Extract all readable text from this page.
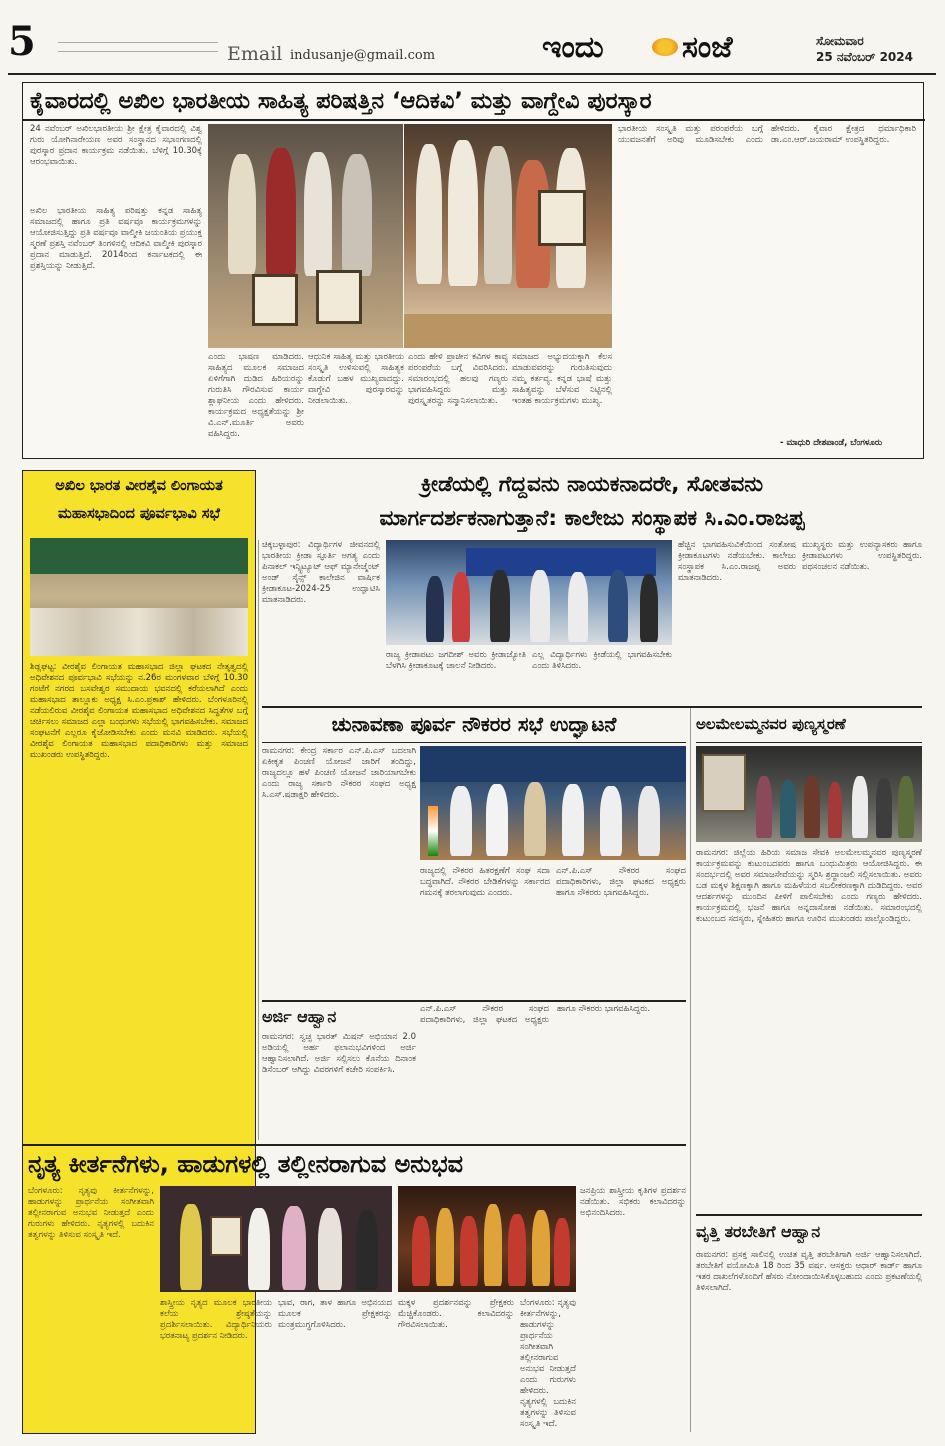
5	Email indusanje@gmail.com	ಇಂದು	ಸಂಜೆ	ಸೋಮವಾರ
25 ನವೆಂಬರ್ 2024
ಕೈವಾರದಲ್ಲಿ ಅಖಿಲ ಭಾರತೀಯ ಸಾಹಿತ್ಯ ಪರಿಷತ್ತಿನ ‘ಆದಿಕವಿ’ ಮತ್ತು ವಾಗ್ದೇವಿ ಪುರಸ್ಕಾರ
24 ನವೆಂಬರ್ ಅಖಿಲಭಾರತೀಯ ಶ್ರೀ ಕ್ಷೇತ್ರ ಕೈವಾರದಲ್ಲಿ ವಿಶ್ವ ಗುರು ಯೋಗಿನಾರೇಯಣ ಅವರ ಸಂಸ್ಥಾನದ ಸಭಾಂಗಣದಲ್ಲಿ ಪುರಸ್ಕಾರ ಪ್ರದಾನ ಕಾರ್ಯಕ್ರಮ ನಡೆಯಿತು. ಬೆಳಿಗ್ಗೆ 10.30ಕ್ಕೆ ಆರಂಭವಾಯಿತು.
ಅಖಿಲ ಭಾರತೀಯ ಸಾಹಿತ್ಯ ಪರಿಷತ್ತು ಕನ್ನಡ ಸಾಹಿತ್ಯ ಸಮಾಜದಲ್ಲಿ ಹಾಗೂ ಪ್ರತಿ ವರ್ಷವೂ ಕಾರ್ಯಕ್ರಮಗಳನ್ನು ಆಯೋಜಿಸುತ್ತಿದ್ದು ಪ್ರತಿ ವರ್ಷವೂ ವಾಲ್ಮೀಕಿ ಜಯಂತಿಯ ಪ್ರಯುಕ್ತ ಸ್ಮರಣೆ ಪ್ರಶಸ್ತಿ ನವೆಂಬರ್ ತಿಂಗಳಿನಲ್ಲಿ ಆದಿಕವಿ ವಾಲ್ಮೀಕಿ ಪುರಸ್ಕಾರ ಪ್ರದಾನ ಮಾಡುತ್ತಿದೆ. 2014ರಿಂದ ಕರ್ನಾಟಕದಲ್ಲಿ ಈ ಪ್ರಶಸ್ತಿಯನ್ನು ನೀಡುತ್ತಿದೆ.
ಎಂದು ಭಾಷಣ ಮಾಡಿದರು. ಸಾಹಿತ್ಯದ ಮೂಲಕ ಸಮಾಜದ ಏಳಿಗೆಗಾಗಿ ದುಡಿದ ಹಿರಿಯರನ್ನು ಗುರುತಿಸಿ ಗೌರವಿಸುವ ಕಾರ್ಯ ಶ್ಲಾಘನೀಯ ಎಂದು ಹೇಳಿದರು. ಕಾರ್ಯಕ್ರಮದ ಅಧ್ಯಕ್ಷತೆಯನ್ನು ಶ್ರೀ ವಿ.ಎನ್.ಮೂರ್ತಿ ಅವರು ವಹಿಸಿದ್ದರು.
ಆಧುನಿಕ ಸಾಹಿತ್ಯ ಮತ್ತು ಭಾರತೀಯ ಸಂಸ್ಕೃತಿ ಉಳಿಸುವಲ್ಲಿ ಸಾಹಿತ್ಯಕ ಕೊಡುಗೆ ಬಹಳ ಮುಖ್ಯವಾದದ್ದು. ವಾಗ್ದೇವಿ ಪುರಸ್ಕಾರವನ್ನು ನೀಡಲಾಯಿತು.
ಎಂದು ಹೇಳಿ ಪ್ರಾಚೀನ ಕವಿಗಳ ಕಾವ್ಯ ಪರಂಪರೆಯ ಬಗ್ಗೆ ವಿವರಿಸಿದರು. ಸಮಾರಂಭದಲ್ಲಿ ಹಲವು ಗಣ್ಯರು ಭಾಗವಹಿಸಿದ್ದರು ಮತ್ತು ಪುರಸ್ಕೃತರನ್ನು ಸನ್ಮಾನಿಸಲಾಯಿತು.
ಸಮಾಜದ ಅಭ್ಯುದಯಕ್ಕಾಗಿ ಕೆಲಸ ಮಾಡುವವರನ್ನು ಗುರುತಿಸುವುದು ನಮ್ಮ ಕರ್ತವ್ಯ. ಕನ್ನಡ ಭಾಷೆ ಮತ್ತು ಸಾಹಿತ್ಯವನ್ನು ಬೆಳೆಸುವ ನಿಟ್ಟಿನಲ್ಲಿ ಇಂತಹ ಕಾರ್ಯಕ್ರಮಗಳು ಮುಖ್ಯ.
ಭಾರತೀಯ ಸಂಸ್ಕೃತಿ ಮತ್ತು ಪರಂಪರೆಯ ಬಗ್ಗೆ ಯುವಜನತೆಗೆ ಅರಿವು ಮೂಡಿಸಬೇಕು ಎಂದು ಹೇಳಿದರು. ಕೈವಾರ ಕ್ಷೇತ್ರದ ಧರ್ಮಾಧಿಕಾರಿ ಡಾ.ಎಂ.ಆರ್.ಜಯರಾಮ್ ಉಪಸ್ಥಿತರಿದ್ದರು.
- ಮಾಧುರಿ ದೇಶಪಾಂಡೆ, ಬೆಂಗಳೂರು
ಅಖಿಲ ಭಾರತ ವೀರಶೈವ ಲಿಂಗಾಯತ
ಮಹಾಸಭಾದಿಂದ ಪೂರ್ವಭಾವಿ ಸಭೆ
ಶಿಡ್ಲಘಟ್ಟ: ವೀರಶೈವ ಲಿಂಗಾಯತ ಮಹಾಸಭಾದ ಜಿಲ್ಲಾ ಘಟಕದ ನೇತೃತ್ವದಲ್ಲಿ ಅಧಿವೇಶನದ ಪೂರ್ವಭಾವಿ ಸಭೆಯನ್ನು ನ.26ರ ಮಂಗಳವಾರ ಬೆಳಿಗ್ಗೆ 10.30 ಗಂಟೆಗೆ ನಗರದ ಬಸವೇಶ್ವರ ಸಮುದಾಯ ಭವನದಲ್ಲಿ ಕರೆಯಲಾಗಿದೆ ಎಂದು ಮಹಾಸಭಾದ ತಾಲ್ಲೂಕು ಅಧ್ಯಕ್ಷ ಸಿ.ಎಂ.ಪ್ರಕಾಶ್ ಹೇಳಿದರು. ಬೆಂಗಳೂರಿನಲ್ಲಿ ನಡೆಯಲಿರುವ ವೀರಶೈವ ಲಿಂಗಾಯತ ಮಹಾಸಭಾದ ಅಧಿವೇಶನದ ಸಿದ್ಧತೆಗಳ ಬಗ್ಗೆ ಚರ್ಚಿಸಲು ಸಮಾಜದ ಎಲ್ಲಾ ಬಂಧುಗಳು ಸಭೆಯಲ್ಲಿ ಭಾಗವಹಿಸಬೇಕು. ಸಮಾಜದ ಸಂಘಟನೆಗೆ ಎಲ್ಲರೂ ಕೈಜೋಡಿಸಬೇಕು ಎಂದು ಮನವಿ ಮಾಡಿದರು. ಸಭೆಯಲ್ಲಿ ವೀರಶೈವ ಲಿಂಗಾಯತ ಮಹಾಸಭಾದ ಪದಾಧಿಕಾರಿಗಳು ಮತ್ತು ಸಮಾಜದ ಮುಖಂಡರು ಉಪಸ್ಥಿತರಿದ್ದರು.
ಕ್ರೀಡೆಯಲ್ಲಿ ಗೆದ್ದವನು ನಾಯಕನಾದರೇ, ಸೋತವನು
ಮಾರ್ಗದರ್ಶಕನಾಗುತ್ತಾನೆ: ಕಾಲೇಜು ಸಂಸ್ಥಾಪಕ ಸಿ.ಎಂ.ರಾಜಪ್ಪ
ಚಿಕ್ಕಬಳ್ಳಾಪುರ: ವಿದ್ಯಾರ್ಥಿಗಳ ಜೀವನದಲ್ಲಿ ಭಾರತೀಯ ಕ್ರೀಡಾ ಸ್ಫೂರ್ತಿ ಅಗತ್ಯ ಎಂದು ಪಿನಾಕಲ್ ಇನ್ಸ್ಟಿಟ್ಯೂಟ್ ಆಫ್ ಮ್ಯಾನೇಜ್ಮೆಂಟ್ ಅಂಡ್ ಸೈನ್ಸ್ ಕಾಲೇಜಿನ ವಾರ್ಷಿಕ ಕ್ರೀಡಾಕೂಟ-2024-25 ಉದ್ಘಾಟಿಸಿ ಮಾತನಾಡಿದರು.
ರಾಜ್ಯ ಕ್ರೀಡಾಪಟು ಜಗದೀಶ್ ಅವರು ಕ್ರೀಡಾಜ್ಯೋತಿ ಬೆಳಗಿಸಿ ಕ್ರೀಡಾಕೂಟಕ್ಕೆ ಚಾಲನೆ ನೀಡಿದರು.
ಎಲ್ಲ ವಿದ್ಯಾರ್ಥಿಗಳು ಕ್ರೀಡೆಯಲ್ಲಿ ಭಾಗವಹಿಸಬೇಕು ಎಂದು ತಿಳಿಸಿದರು.
ಹೆಚ್ಚಿನ ಭಾಗವಹಿಸುವಿಕೆಯಿಂದ ಸಂತೋಷ ಕ್ರೀಡಾಕೂಟಗಳು ನಡೆಯಬೇಕು. ಕಾಲೇಜು ಸಂಸ್ಥಾಪಕ ಸಿ.ಎಂ.ರಾಜಪ್ಪ ಅವರು ಮಾತನಾಡಿದರು.
ಮುಖ್ಯಸ್ಥರು ಮತ್ತು ಉಪನ್ಯಾಸಕರು ಹಾಗೂ ಕ್ರೀಡಾಪಟುಗಳು ಉಪಸ್ಥಿತರಿದ್ದರು. ಪಥಸಂಚಲನ ನಡೆಯಿತು.
ಚುನಾವಣಾ ಪೂರ್ವ ನೌಕರರ ಸಭೆ ಉದ್ಘಾಟನೆ
ರಾಮನಗರ: ಕೇಂದ್ರ ಸರ್ಕಾರ ಎನ್.ಪಿ.ಎಸ್ ಬದಲಾಗಿ ಏಕೀಕೃತ ಪಿಂಚಣಿ ಯೋಜನೆ ಜಾರಿಗೆ ತಂದಿದ್ದು, ರಾಜ್ಯದಲ್ಲೂ ಹಳೆ ಪಿಂಚಣಿ ಯೋಜನೆ ಜಾರಿಯಾಗಬೇಕು ಎಂದು ರಾಜ್ಯ ಸರ್ಕಾರಿ ನೌಕರರ ಸಂಘದ ಅಧ್ಯಕ್ಷ ಸಿ.ಎಸ್.ಷಡಾಕ್ಷರಿ ಹೇಳಿದರು.
ರಾಜ್ಯದಲ್ಲಿ ನೌಕರರ ಹಿತರಕ್ಷಣೆಗೆ ಸಂಘ ಸದಾ ಬದ್ಧವಾಗಿದೆ. ನೌಕರರ ಬೇಡಿಕೆಗಳನ್ನು ಸರ್ಕಾರದ ಗಮನಕ್ಕೆ ತರಲಾಗುವುದು ಎಂದರು.
ಎನ್.ಪಿ.ಎಸ್ ನೌಕರರ ಸಂಘದ ಪದಾಧಿಕಾರಿಗಳು, ಜಿಲ್ಲಾ ಘಟಕದ ಅಧ್ಯಕ್ಷರು ಹಾಗೂ ನೌಕರರು ಭಾಗವಹಿಸಿದ್ದರು.
ಅರ್ಜಿ ಆಹ್ವಾನ
ರಾಮನಗರ: ಸ್ವಚ್ಛ ಭಾರತ್ ಮಿಷನ್ ಅಭಿಯಾನ 2.0 ಅಡಿಯಲ್ಲಿ ಅರ್ಹ ಫಲಾನುಭವಿಗಳಿಂದ ಅರ್ಜಿ ಆಹ್ವಾನಿಸಲಾಗಿದೆ. ಅರ್ಜಿ ಸಲ್ಲಿಸಲು ಕೊನೆಯ ದಿನಾಂಕ ಡಿಸೆಂಬರ್ ಆಗಿದ್ದು ವಿವರಗಳಿಗೆ ಕಚೇರಿ ಸಂಪರ್ಕಿಸಿ.
ಎನ್.ಪಿ.ಎಸ್ ನೌಕರರ ಸಂಘದ ಪದಾಧಿಕಾರಿಗಳು, ಜಿಲ್ಲಾ ಘಟಕದ ಅಧ್ಯಕ್ಷರು ಹಾಗೂ ನೌಕರರು ಭಾಗವಹಿಸಿದ್ದರು.
ಅಲಮೇಲಮ್ಮನವರ ಪುಣ್ಯಸ್ಮರಣೆ
ರಾಮನಗರ: ಜಿಲ್ಲೆಯ ಹಿರಿಯ ಸಮಾಜ ಸೇವಕಿ ಅಲಮೇಲಮ್ಮನವರ ಪುಣ್ಯಸ್ಮರಣೆ ಕಾರ್ಯಕ್ರಮವನ್ನು ಕುಟುಂಬದವರು ಹಾಗೂ ಬಂಧುಮಿತ್ರರು ಆಯೋಜಿಸಿದ್ದರು. ಈ ಸಂದರ್ಭದಲ್ಲಿ ಅವರ ಸಮಾಜಸೇವೆಯನ್ನು ಸ್ಮರಿಸಿ ಶ್ರದ್ಧಾಂಜಲಿ ಸಲ್ಲಿಸಲಾಯಿತು. ಅವರು ಬಡ ಮಕ್ಕಳ ಶಿಕ್ಷಣಕ್ಕಾಗಿ ಹಾಗೂ ಮಹಿಳೆಯರ ಸಬಲೀಕರಣಕ್ಕಾಗಿ ದುಡಿದಿದ್ದರು. ಅವರ ಆದರ್ಶಗಳನ್ನು ಮುಂದಿನ ಪೀಳಿಗೆ ಪಾಲಿಸಬೇಕು ಎಂದು ಗಣ್ಯರು ಹೇಳಿದರು. ಕಾರ್ಯಕ್ರಮದಲ್ಲಿ ಭಜನೆ ಹಾಗೂ ಅನ್ನದಾಸೋಹ ನಡೆಯಿತು. ಸಮಾರಂಭದಲ್ಲಿ ಕುಟುಂಬದ ಸದಸ್ಯರು, ಸ್ನೇಹಿತರು ಹಾಗೂ ಊರಿನ ಮುಖಂಡರು ಪಾಲ್ಗೊಂಡಿದ್ದರು.
ವೃತ್ತಿ ತರಬೇತಿಗೆ ಆಹ್ವಾನ
ರಾಮನಗರ: ಪ್ರಸಕ್ತ ಸಾಲಿನಲ್ಲಿ ಉಚಿತ ವೃತ್ತಿ ತರಬೇತಿಗಾಗಿ ಅರ್ಜಿ ಆಹ್ವಾನಿಸಲಾಗಿದೆ. ತರಬೇತಿಗೆ ವಯೋಮಿತಿ 18 ರಿಂದ 35 ವರ್ಷ. ಆಸಕ್ತರು ಆಧಾರ್ ಕಾರ್ಡ್ ಹಾಗೂ ಇತರ ದಾಖಲೆಗಳೊಂದಿಗೆ ಹೆಸರು ನೋಂದಾಯಿಸಿಕೊಳ್ಳಬಹುದು ಎಂದು ಪ್ರಕಟಣೆಯಲ್ಲಿ ತಿಳಿಸಲಾಗಿದೆ.
ನೃತ್ಯ ಕೀರ್ತನೆಗಳು, ಹಾಡುಗಳಲ್ಲಿ ತಲ್ಲೀನರಾಗುವ ಅನುಭವ
ಬೆಂಗಳೂರು: ನೃತ್ಯವು ಕೀರ್ತನೆಗಳನ್ನು, ಹಾಡುಗಳನ್ನು ಪ್ರಾರ್ಥನೆಯ ಸಂಗೀತವಾಗಿ ತಲ್ಲೀನರಾಗುವ ಅನುಭವ ನೀಡುತ್ತದೆ ಎಂದು ಗುರುಗಳು ಹೇಳಿದರು. ನೃತ್ಯಗಳಲ್ಲಿ ಬದುಕಿನ ತತ್ವಗಳನ್ನು ತಿಳಿಸುವ ಸಂಸ್ಕೃತಿ ಇದೆ.
ಶಾಸ್ತ್ರೀಯ ನೃತ್ಯದ ಮೂಲಕ ಭಾರತೀಯ ಕಲೆಯ ಶ್ರೇಷ್ಠತೆಯನ್ನು ಪ್ರದರ್ಶಿಸಲಾಯಿತು. ವಿದ್ಯಾರ್ಥಿನಿಯರು ಭರತನಾಟ್ಯ ಪ್ರದರ್ಶನ ನೀಡಿದರು.
ಭಾವ, ರಾಗ, ತಾಳ ಹಾಗೂ ಅಭಿನಯದ ಮೂಲಕ ಪ್ರೇಕ್ಷಕರನ್ನು ಮಂತ್ರಮುಗ್ಧಗೊಳಿಸಿದರು.
ಮಕ್ಕಳ ಪ್ರದರ್ಶನವನ್ನು ಪ್ರೇಕ್ಷಕರು ಮೆಚ್ಚಿಕೊಂಡರು. ಕಲಾವಿದರನ್ನು ಗೌರವಿಸಲಾಯಿತು.
ಜನಪ್ರಿಯ ಶಾಸ್ತ್ರೀಯ ಕೃತಿಗಳ ಪ್ರದರ್ಶನ ನಡೆಯಿತು. ಸಭಿಕರು ಕಲಾವಿದರನ್ನು ಅಭಿನಂದಿಸಿದರು.
ಬೆಂಗಳೂರು: ನೃತ್ಯವು ಕೀರ್ತನೆಗಳನ್ನು, ಹಾಡುಗಳನ್ನು ಪ್ರಾರ್ಥನೆಯ ಸಂಗೀತವಾಗಿ ತಲ್ಲೀನರಾಗುವ ಅನುಭವ ನೀಡುತ್ತದೆ ಎಂದು ಗುರುಗಳು ಹೇಳಿದರು. ನೃತ್ಯಗಳಲ್ಲಿ ಬದುಕಿನ ತತ್ವಗಳನ್ನು ತಿಳಿಸುವ ಸಂಸ್ಕೃತಿ ಇದೆ.
